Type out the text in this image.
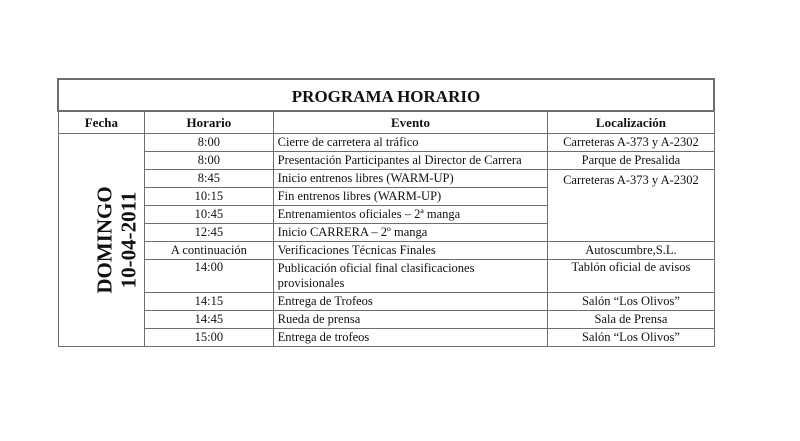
PROGRAMA HORARIO			
Fecha	Horario	Evento	Localización

DOMINGO 10-04-2011	8:00	Cierre de carretera al tráfico	Carreteras A-373 y A-2302
	8:00	Presentación Participantes al Director de Carrera	Parque de Presalida
	8:45	Inicio entrenos libres (WARM-UP)	Carreteras A-373 y A-2302
	10:15	Fin entrenos libres (WARM-UP)	
	10:45	Entrenamientos oficiales – 2ª manga	
	12:45	Inicio CARRERA – 2º manga	
	A continuación	Verificaciones Técnicas Finales	Autoscumbre,S.L.
	14:00	Publicación oficial final clasificaciones provisionales	Tablón oficial de avisos
	14:15	Entrega de Trofeos	Salón “Los Olivos”
	14:45	Rueda de prensa	Sala de Prensa
	15:00	Entrega de trofeos	Salón “Los Olivos”
